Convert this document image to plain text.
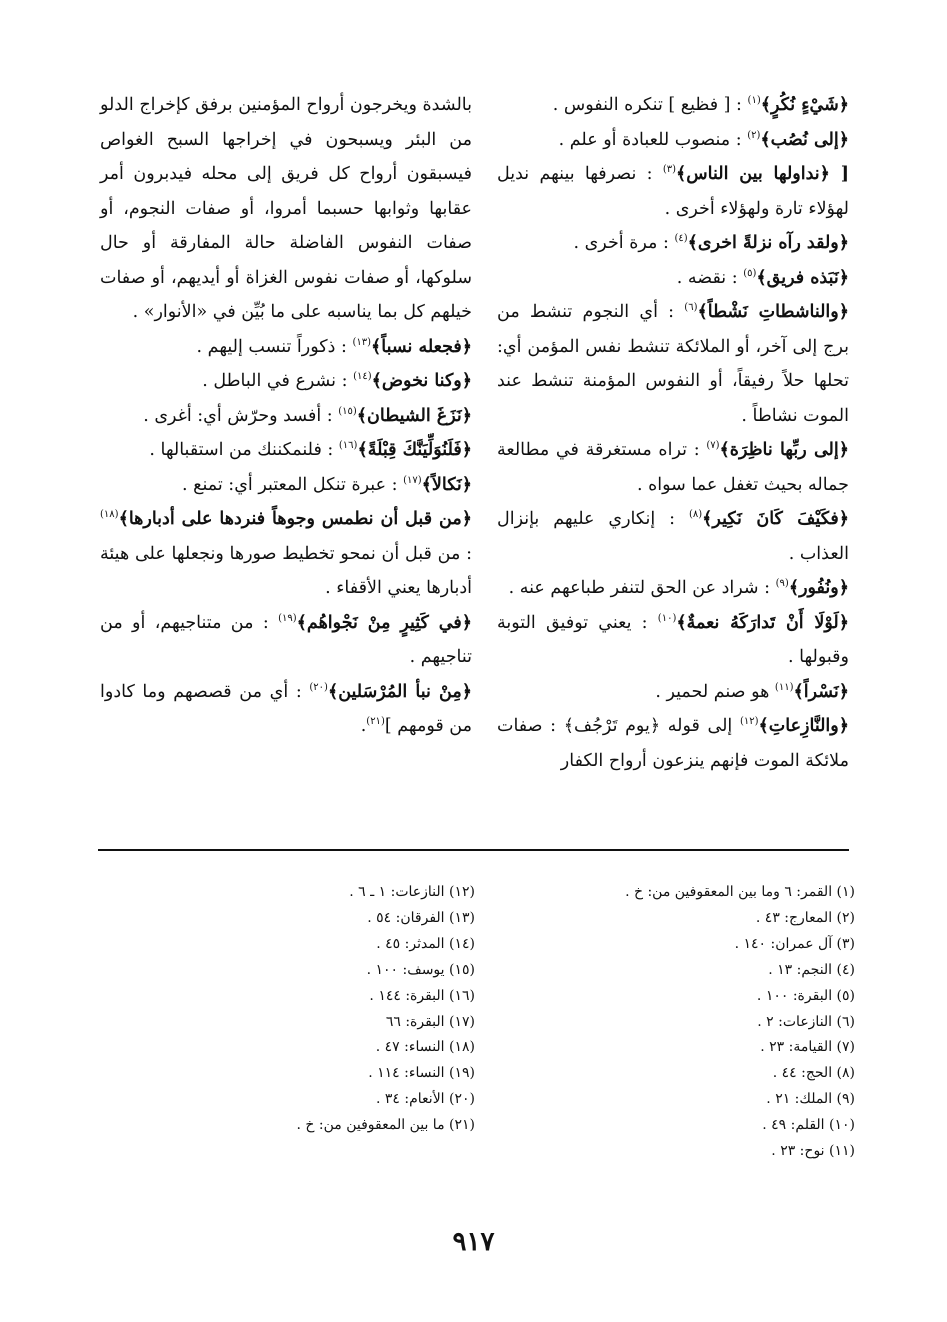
﴿شَيْءٍ نُكُرٍ﴾$^{(١)}$ : [ فظيع ] تنكره النفوس .

﴿إلى نُصُب﴾$^{(٢)}$ : منصوب للعبادة أو علم .

[ ﴿نداولها بين الناس﴾$^{(٣)}$ : نصرفها بينهم نديل لهؤلاء تارة ولهؤلاء أخرى .

﴿ولقد رآه نزلةً اخرى﴾$^{(٤)}$ : مرة أخرى .

﴿نَبَذه فريق﴾$^{(٥)}$ : نقضه .

﴿والناشطاتِ نَشْطاً﴾$^{(٦)}$ : أي النجوم تنشط من برج إلى آخر، أو الملائكة تنشط نفس المؤمن أي: تحلها حلاً رفيقاً، أو النفوس المؤمنة تنشط عند الموت نشاطاً .

﴿إلى ربِّها ناظِرَة﴾$^{(٧)}$ : تراه مستغرقة في مطالعة جماله بحيث تغفل عما سواه .

﴿فكَيْفَ كَانَ نَكِير﴾$^{(٨)}$ : إنكاري عليهم بإنزال العذاب .

﴿ونُفُور﴾$^{(٩)}$ : شراد عن الحق لتنفر طباعهم عنه .

﴿لَوْلَا أَنْ تَدارَكَهُ نعمةٌ﴾$^{(١٠)}$ : يعني توفيق التوبة وقبولها .

﴿نَسْراً﴾$^{(١١)}$ هو صنم لحمير .

﴿والنَّازِعاتِ﴾$^{(١٢)}$ إلى قوله ﴿يوم تَرْجُف﴾ : صفات ملائكة الموت فإنهم ينزعون أرواح الكفار

بالشدة ويخرجون أرواح المؤمنين برفق كإخراج الدلو من البئر ويسبحون في إخراجها السبح الغواص فيسبقون أرواح كل فريق إلى محله فيدبرون أمر عقابها وثوابها حسبما أمروا، أو صفات النجوم، أو صفات النفوس الفاضلة حالة المفارقة أو حال سلوكها، أو صفات نفوس الغزاة أو أيديهم، أو صفات خيلهم كل بما يناسبه على ما بُيِّن في «الأنوار» .

﴿فجعله نسباً﴾$^{(١٣)}$ : ذكوراً تنسب إليهم .

﴿وكنا نخوض﴾$^{(١٤)}$ : نشرع في الباطل .

﴿نَزَغَ الشيطان﴾$^{(١٥)}$ : أفسد وحرّش أي: أغرى .

﴿فَلَنُوَلِّيَنَّكَ قِبْلَةً﴾$^{(١٦)}$ : فلنمكننك من استقبالها .

﴿نَكالاً﴾$^{(١٧)}$ : عبرة تنكل المعتبر أي: تمنع .

﴿من قبل أن نطمس وجوهاً فنردها على أدبارها﴾$^{(١٨)}$ : من قبل أن نمحو تخطيط صورها ونجعلها على هيئة أدبارها يعني الأقفاء .

﴿في كَثِيرٍ مِنْ نَجْواهُم﴾$^{(١٩)}$ : من متناجيهم، أو من تناجيهم .

﴿مِنْ نبأ المُرْسَلين﴾$^{(٢٠)}$ : أي من قصصهم وما كادوا من قومهم ]$^{(٢١)}$.

(١) القمر: ٦ وما بين المعقوفين من: خ .
(٢) المعارج: ٤٣ .
(٣) آل عمران: ١٤٠ .
(٤) النجم: ١٣ .
(٥) البقرة: ١٠٠ .
(٦) النازعات: ٢ .
(٧) القيامة: ٢٣ .
(٨) الحج: ٤٤ .
(٩) الملك: ٢١ .
(١٠) القلم: ٤٩ .
(١١) نوح: ٢٣ .
(١٢) النازعات: ١ ـ ٦ .
(١٣) الفرقان: ٥٤ .
(١٤) المدثر: ٤٥ .
(١٥) يوسف: ١٠٠ .
(١٦) البقرة: ١٤٤ .
(١٧) البقرة: ٦٦
(١٨) النساء: ٤٧ .
(١٩) النساء: ١١٤ .
(٢٠) الأنعام: ٣٤ .
(٢١) ما بين المعقوفين من: خ .
٩١٧
